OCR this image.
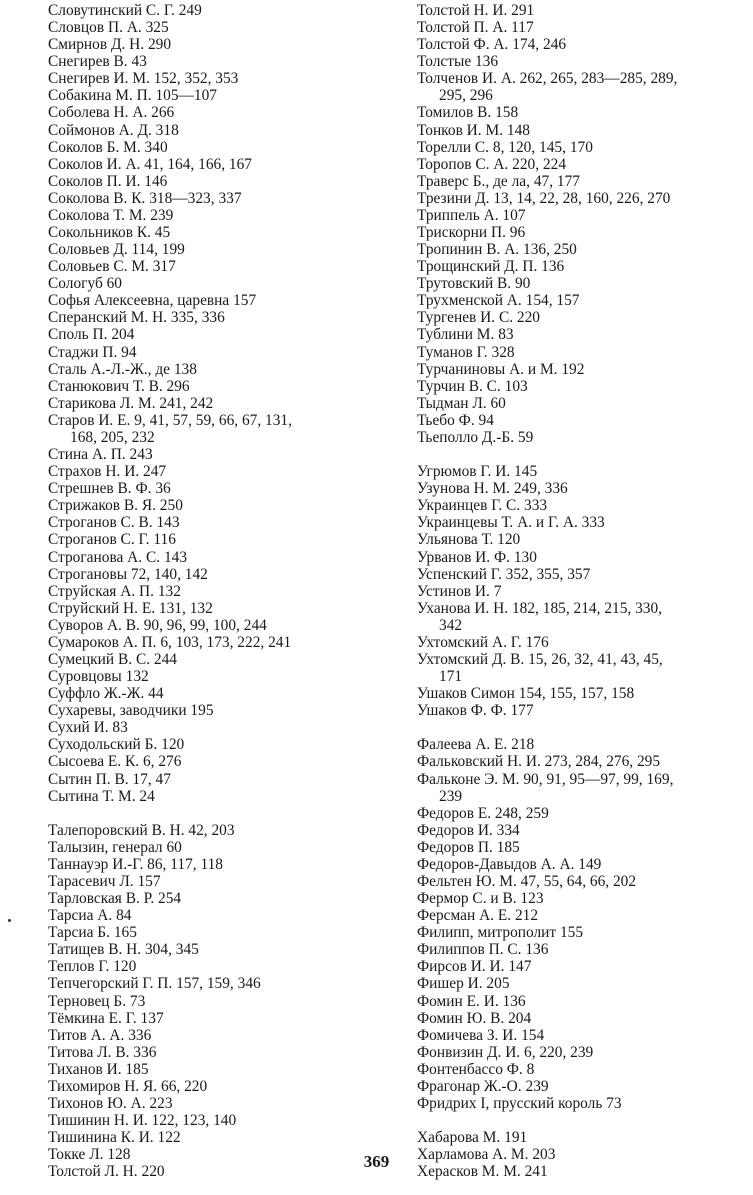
Словутинский С. Г. 249
Словцов П. А. 325
Смирнов Д. Н. 290
Снегирев В. 43
Снегирев И. М. 152, 352, 353
Собакина М. П. 105—107
Соболева Н. А. 266
Соймонов А. Д. 318
Соколов Б. М. 340
Соколов И. А. 41, 164, 166, 167
Соколов П. И. 146
Соколова В. К. 318—323, 337
Соколова Т. М. 239
Сокольников К. 45
Соловьев Д. 114, 199
Соловьев С. М. 317
Сологуб 60
Софья Алексеевна, царевна 157
Сперанский М. Н. 335, 336
Споль П. 204
Стаджи П. 94
Сталь А.-Л.-Ж., де 138
Станюкович Т. В. 296
Старикова Л. М. 241, 242
Старов И. Е. 9, 41, 57, 59, 66, 67, 131,
168, 205, 232
Стина А. П. 243
Страхов Н. И. 247
Стрешнев В. Ф. 36
Стрижаков В. Я. 250
Строганов С. В. 143
Строганов С. Г. 116
Строганова А. С. 143
Строгановы 72, 140, 142
Струйская А. П. 132
Струйский Н. Е. 131, 132
Суворов А. В. 90, 96, 99, 100, 244
Сумароков А. П. 6, 103, 173, 222, 241
Сумецкий В. С. 244
Суровцовы 132
Суффло Ж.-Ж. 44
Сухаревы, заводчики 195
Сухий И. 83
Суходольский Б. 120
Сысоева Е. К. 6, 276
Сытин П. В. 17, 47
Сытина Т. М. 24
Талепоровский В. Н. 42, 203
Талызин, генерал 60
Таннауэр И.-Г. 86, 117, 118
Тарасевич Л. 157
Тарловская В. Р. 254
Тарсиа А. 84
Тарсиа Б. 165
Татищев В. Н. 304, 345
Теплов Г. 120
Тепчегорский Г. П. 157, 159, 346
Терновец Б. 73
Тёмкина Е. Г. 137
Титов А. А. 336
Титова Л. В. 336
Тиханов И. 185
Тихомиров Н. Я. 66, 220
Тихонов Ю. А. 223
Тишинин Н. И. 122, 123, 140
Тишинина К. И. 122
Токке Л. 128
Толстой Л. Н. 220
Толстой Н. И. 291
Толстой П. А. 117
Толстой Ф. А. 174, 246
Толстые 136
Толченов И. А. 262, 265, 283—285, 289,
295, 296
Томилов В. 158
Тонков И. М. 148
Торелли С. 8, 120, 145, 170
Торопов С. А. 220, 224
Траверс Б., де ла, 47, 177
Трезини Д. 13, 14, 22, 28, 160, 226, 270
Триппель А. 107
Трискорни П. 96
Тропинин В. А. 136, 250
Трощинский Д. П. 136
Трутовский В. 90
Трухменской А. 154, 157
Тургенев И. С. 220
Тублини М. 83
Туманов Г. 328
Турчаниновы А. и М. 192
Турчин В. С. 103
Тыдман Л. 60
Тьебо Ф. 94
Тьеполло Д.-Б. 59
Угрюмов Г. И. 145
Узунова Н. М. 249, 336
Украинцев Г. С. 333
Украинцевы Т. А. и Г. А. 333
Ульянова Т. 120
Урванов И. Ф. 130
Успенский Г. 352, 355, 357
Устинов И. 7
Уханова И. Н. 182, 185, 214, 215, 330,
342
Ухтомский А. Г. 176
Ухтомский Д. В. 15, 26, 32, 41, 43, 45,
171
Ушаков Симон 154, 155, 157, 158
Ушаков Ф. Ф. 177
Фалеева А. Е. 218
Фальковский Н. И. 273, 284, 276, 295
Фальконе Э. М. 90, 91, 95—97, 99, 169,
239
Федоров Е. 248, 259
Федоров И. 334
Федоров П. 185
Федоров-Давыдов А. А. 149
Фельтен Ю. М. 47, 55, 64, 66, 202
Фермор С. и В. 123
Ферсман А. Е. 212
Филипп, митрополит 155
Филиппов П. С. 136
Фирсов И. И. 147
Фишер И. 205
Фомин Е. И. 136
Фомин Ю. В. 204
Фомичева З. И. 154
Фонвизин Д. И. 6, 220, 239
Фонтенбассо Ф. 8
Фрагонар Ж.-О. 239
Фридрих I, прусский король 73
Хабарова М. 191
Харламова А. М. 203
Херасков М. М. 241
369
